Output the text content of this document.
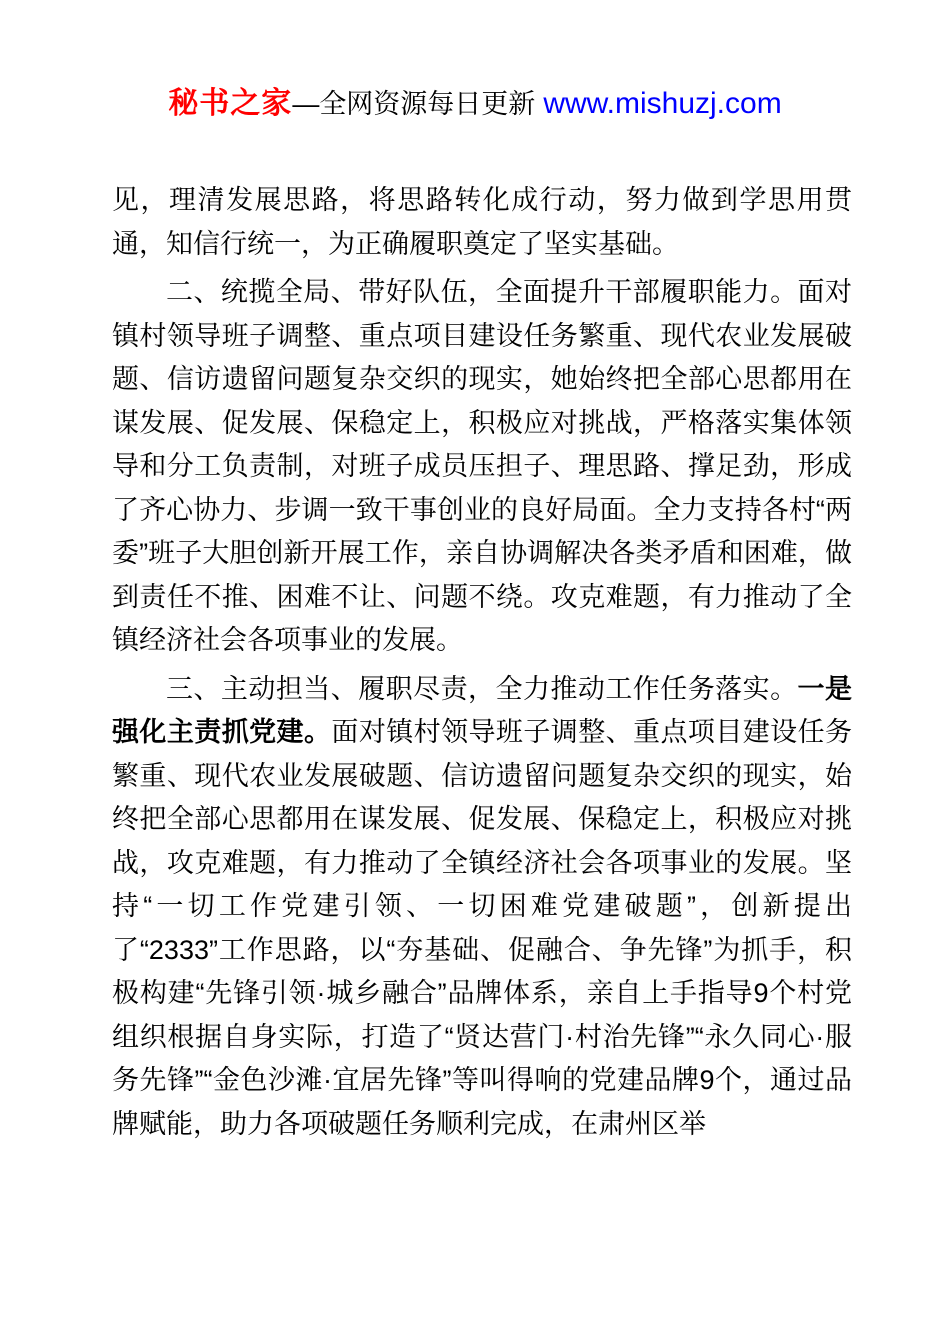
秘书之家—全网资源每日更新 www.mishuzj.com

见，理清发展思路，将思路转化成行动，努力做到学思用贯通，知信行统一，为正确履职奠定了坚实基础。

二、统揽全局、带好队伍，全面提升干部履职能力。面对镇村领导班子调整、重点项目建设任务繁重、现代农业发展破题、信访遗留问题复杂交织的现实，她始终把全部心思都用在谋发展、促发展、保稳定上，积极应对挑战，严格落实集体领导和分工负责制，对班子成员压担子、理思路、撑足劲，形成了齐心协力、步调一致干事创业的良好局面。全力支持各村“两委”班子大胆创新开展工作，亲自协调解决各类矛盾和困难，做到责任不推、困难不让、问题不绕。攻克难题，有力推动了全镇经济社会各项事业的发展。

三、主动担当、履职尽责，全力推动工作任务落实。一是强化主责抓党建。面对镇村领导班子调整、重点项目建设任务繁重、现代农业发展破题、信访遗留问题复杂交织的现实，始终把全部心思都用在谋发展、促发展、保稳定上，积极应对挑战，攻克难题，有力推动了全镇经济社会各项事业的发展。坚持“一切工作党建引领、一切困难党建破题”，创新提出了“2333”工作思路，以“夯基础、促融合、争先锋”为抓手，积极构建“先锋引领·城乡融合”品牌体系，亲自上手指导9个村党组织根据自身实际，打造了“贤达营门·村治先锋”“永久同心·服务先锋”“金色沙滩·宜居先锋”等叫得响的党建品牌9个，通过品牌赋能，助力各项破题任务顺利完成，在肃州区举
